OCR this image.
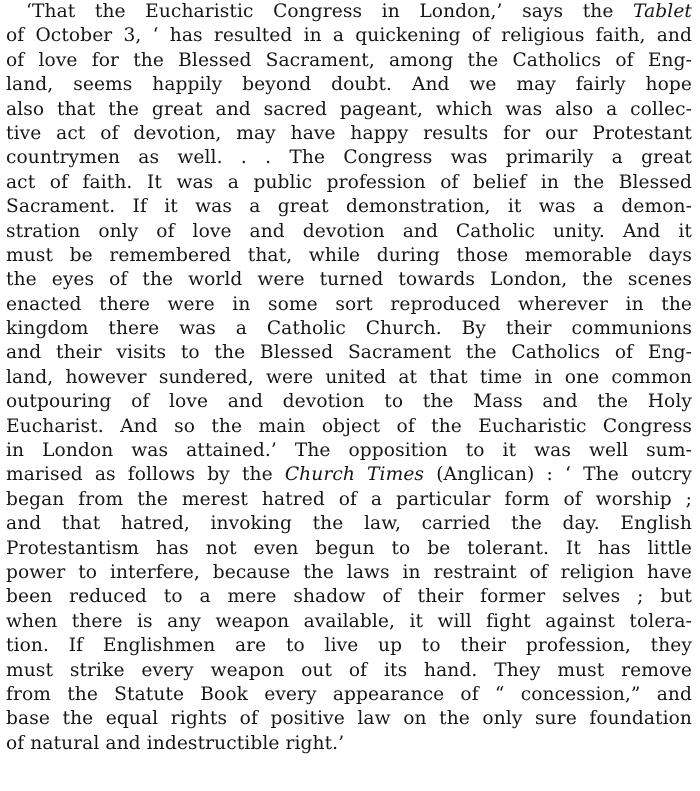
‘That the Eucharistic Congress in London,’ says the Tablet
of October 3, ‘ has resulted in a quickening of religious faith, and
of love for the Blessed Sacrament, among the Catholics of Eng-
land, seems happily beyond doubt. And we may fairly hope
also that the great and sacred pageant, which was also a collec-
tive act of devotion, may have happy results for our Protestant
countrymen as well. . . The Congress was primarily a great
act of faith. It was a public profession of belief in the Blessed
Sacrament. If it was a great demonstration, it was a demon-
stration only of love and devotion and Catholic unity. And it
must be remembered that, while during those memorable days
the eyes of the world were turned towards London, the scenes
enacted there were in some sort reproduced wherever in the
kingdom there was a Catholic Church. By their communions
and their visits to the Blessed Sacrament the Catholics of Eng-
land, however sundered, were united at that time in one common
outpouring of love and devotion to the Mass and the Holy
Eucharist. And so the main object of the Eucharistic Congress
in London was attained.’ The opposition to it was well sum-
marised as follows by the Church Times (Anglican) : ‘ The outcry
began from the merest hatred of a particular form of worship ;
and that hatred, invoking the law, carried the day. English
Protestantism has not even begun to be tolerant. It has little
power to interfere, because the laws in restraint of religion have
been reduced to a mere shadow of their former selves ; but
when there is any weapon available, it will fight against tolera-
tion. If Englishmen are to live up to their profession, they
must strike every weapon out of its hand. They must remove
from the Statute Book every appearance of “ concession,” and
base the equal rights of positive law on the only sure foundation
of natural and indestructible right.’
